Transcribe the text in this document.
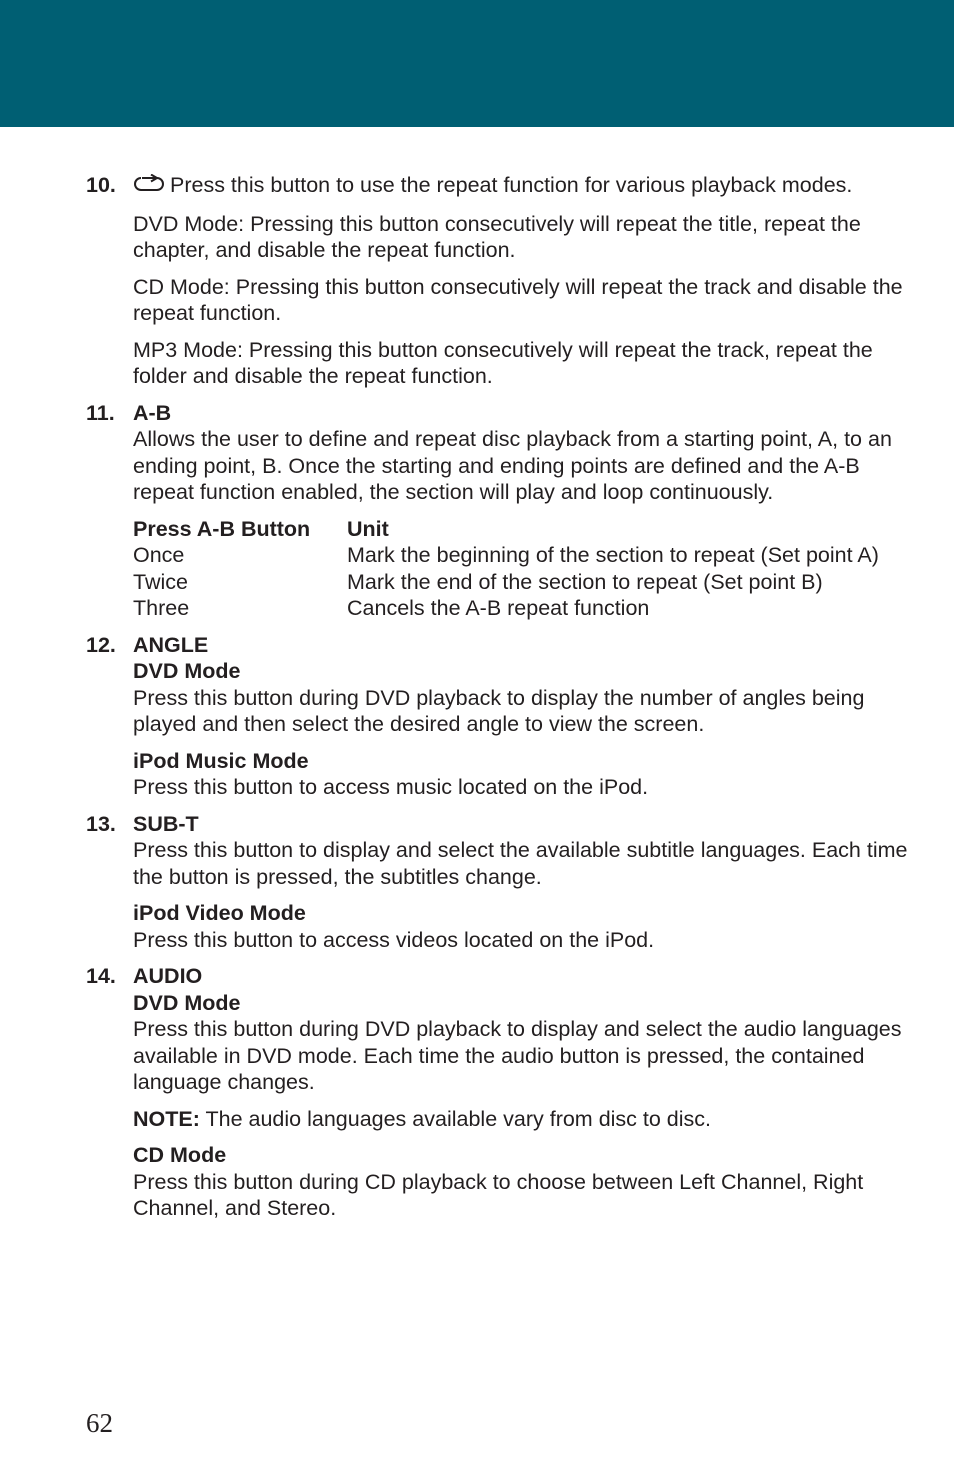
10.	Press this button to use the repeat function for various playback modes.

DVD Mode: Pressing this button consecutively will repeat the title, repeat the chapter, and disable the repeat function.

CD Mode: Pressing this button consecutively will repeat the track and disable the repeat function.

MP3 Mode: Pressing this button consecutively will repeat the track, repeat the folder and disable the repeat function.

11. A-B

Allows the user to define and repeat disc playback from a starting point, A, to an ending point, B. Once the starting and ending points are defined and the A-B repeat function enabled, the section will play and loop continuously.

Press A-B Button	Unit
Once	Mark the beginning of the section to repeat (Set point A)
Twice	Mark the end of the section to repeat (Set point B)
Three	Cancels the A-B repeat function
12. ANGLE
DVD Mode

Press this button during DVD playback to display the number of angles being played and then select the desired angle to view the screen.

iPod Music Mode

Press this button to access music located on the iPod.

13. SUB-T

Press this button to display and select the available subtitle languages. Each time the button is pressed, the subtitles change.

iPod Video Mode

Press this button to access videos located on the iPod.

14. AUDIO
DVD Mode

Press this button during DVD playback to display and select the audio languages available in DVD mode. Each time the audio button is pressed, the contained language changes.

NOTE: The audio languages available vary from disc to disc.

CD Mode

Press this button during CD playback to choose between Left Channel, Right Channel, and Stereo.

62
